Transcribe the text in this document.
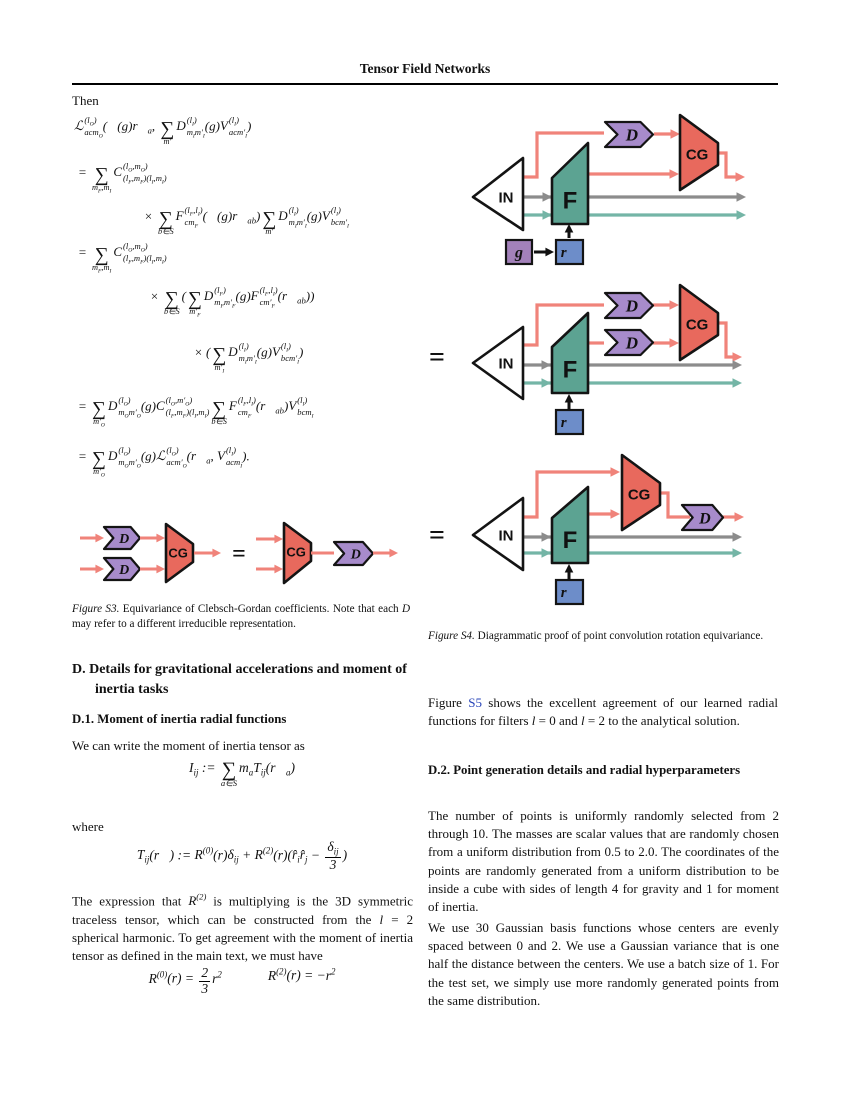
Tensor Field Networks
Then
ℒ $(l_O)$
acm$_O$
($ℛ(g)r⃗_a$, ∑
m′
D $(l_I)$
$m_Im'_I$
(g)V $(l_I)$
$acm'_I$
)
= ∑
$m_F,m_I$
C $(l_O,m_O)$
$(l_F,m_F)(l_I,m_I)$
× ∑
b∈S
F $(l_F,l_I)$
$cm_F$
$(ℛ(g)r⃗_{ab})$ ∑
m′
D $(l_I)$
$m_Im'_I$
(g)V $(l_I)$
$bcm'_I$
= ∑
$m_F,m_I$
C $(l_O,m_O)$
$(l_F,m_F)(l_I,m_I)$
× ∑
b∈S
( ∑
$m'_F$
D $(l_F)$
$m_Fm'_F$
(g)F $(l_F,l_I)$
$cm'_F$
$(r⃗_{ab})$)
× ( ∑
$m'_I$
D $(l_I)$
$m_Im'_I$
(g)V $(l_I)$
$bcm'_I$
)
= ∑
$m'_O$
D $(l_O)$
$m_Om'_O$
(g)C $(l_O,m'_O)$
$(l_F,m_F)(l_I,m_I)$ ∑
b∈S
F $(l_F,l_I)$
$cm_F$
$(r⃗_{ab})V$ $(l_I)$
bcm$_I$
= ∑
$m'_O$
D $(l_O)$
$m_Om'_O$
(g)ℒ $(l_O)$
$acm'_O$
($r⃗_a$, V $(l_I)$
acm$_I$
).
D
D
CG =	CG	D
Figure S3. Equivariance of Clebsch-Gordan coefficients. Note that each D may refer to a different irreducible representation.
D. Details for gravitational accelerations and moment of inertia tasks
D.1. Moment of inertia radial functions
We can write the moment of inertia tensor as
$I_{ij}$ := ∑
a∈S
$m_aT_{ij}(r⃗_a)$
where
$T_{ij}(r⃗)$ := $R^{(0)}(r)\delta_{ij}$ + $R^{(2)}(r)(r̂_ir̂_j$ −
$\delta_{ij}$
3
)
The expression that $R^{(2)}$ is multiplying is the 3D symmetric traceless tensor, which can be constructed from the l = 2 spherical harmonic. To get agreement with the moment of inertia tensor as defined in the main text, we must have
$R^{(0)}(r) = \frac{2}{3} r^2$	$R^{(2)}(r) = -r^2$
IN F
CG
D
g	r⃗
=	IN F
CG
D
D
r⃗
=	IN F
CG
D
r⃗
Figure S4. Diagrammatic proof of point convolution rotation equivariance.
Figure S5 shows the excellent agreement of our learned radial functions for filters l = 0 and l = 2 to the analytical solution.
D.2. Point generation details and radial hyperparameters
The number of points is uniformly randomly selected from 2 through 10. The masses are scalar values that are randomly chosen from a uniform distribution from 0.5 to 2.0. The coordinates of the points are randomly generated from a uniform distribution to be inside a cube with sides of length 4 for gravity and 1 for moment of inertia.
We use 30 Gaussian basis functions whose centers are evenly spaced between 0 and 2. We use a Gaussian variance that is one half the distance between the centers. We use a batch size of 1. For the test set, we simply use more randomly generated points from the same distribution.
